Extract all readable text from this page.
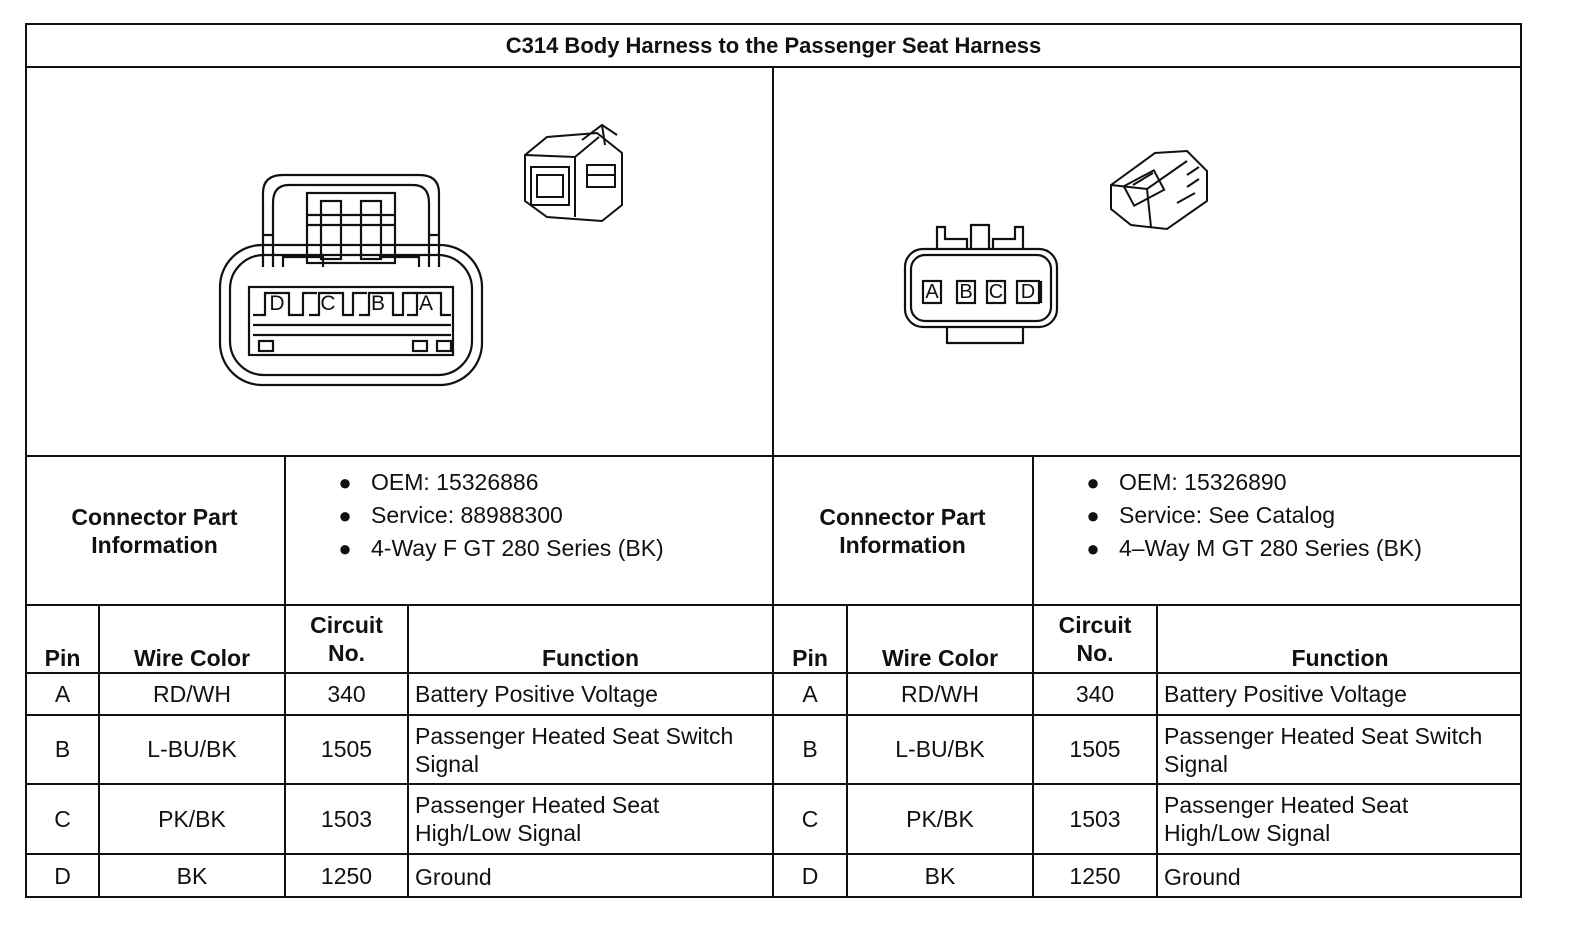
C314 Body Harness to the Passenger Seat Harness
D C B A
A B C D
Connector Part Information
● OEM: 15326886
● Service: 88988300
● 4-Way F GT 280 Series (BK)
Connector Part Information
● OEM: 15326890
● Service: See Catalog
● 4–Way M GT 280 Series (BK)
Pin	Wire Color
Circuit
No.	Function	Pin	Wire Color
Circuit
No.	Function
A	RD/WH	340	Battery Positive Voltage
B	L-BU/BK	1505
Passenger Heated Seat Switch Signal
C	PK/BK	1503
Passenger Heated Seat High/Low Signal
D	BK	1250	Ground
A	RD/WH	340	Battery Positive Voltage
B	L-BU/BK	1505
Passenger Heated Seat Switch Signal
C	PK/BK	1503
Passenger Heated Seat High/Low Signal
D	BK	1250	Ground
